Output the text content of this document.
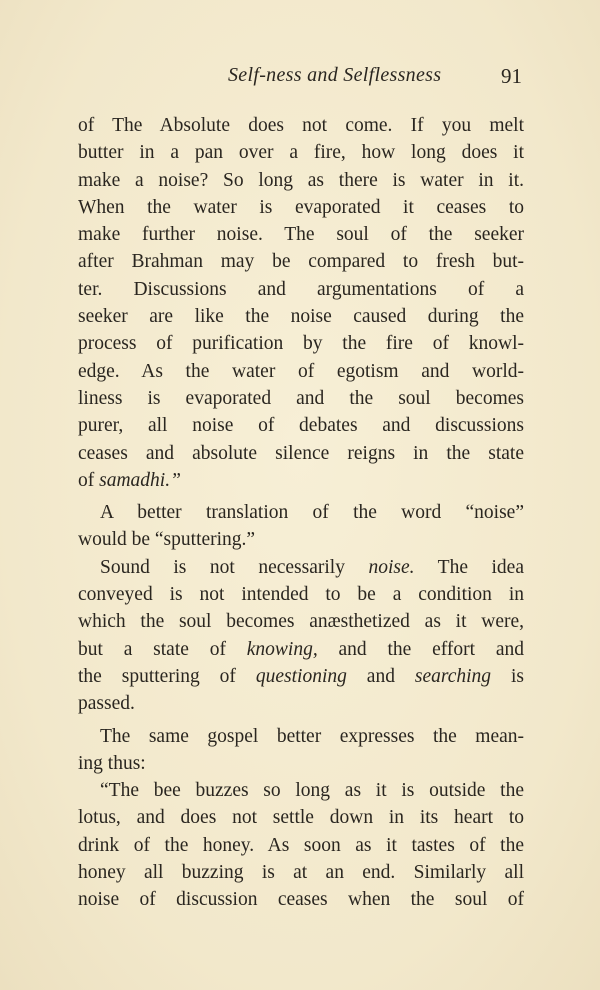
Self-ness and Selflessness	91
of The Absolute does not come. If you melt
butter in a pan over a fire, how long does it
make a noise? So long as there is water in it.
When the water is evaporated it ceases to
make further noise. The soul of the seeker
after Brahman may be compared to fresh but-
ter. Discussions and argumentations of a
seeker are like the noise caused during the
process of purification by the fire of knowl-
edge. As the water of egotism and world-
liness is evaporated and the soul becomes
purer, all noise of debates and discussions
ceases and absolute silence reigns in the state
of samadhi.”
A better translation of the word “noise”
would be “sputtering.”
Sound is not necessarily noise. The idea
conveyed is not intended to be a condition in
which the soul becomes anæsthetized as it were,
but a state of knowing, and the effort and
the sputtering of questioning and searching is
passed.
The same gospel better expresses the mean-
ing thus:
“The bee buzzes so long as it is outside the
lotus, and does not settle down in its heart to
drink of the honey. As soon as it tastes of the
honey all buzzing is at an end. Similarly all
noise of discussion ceases when the soul of
